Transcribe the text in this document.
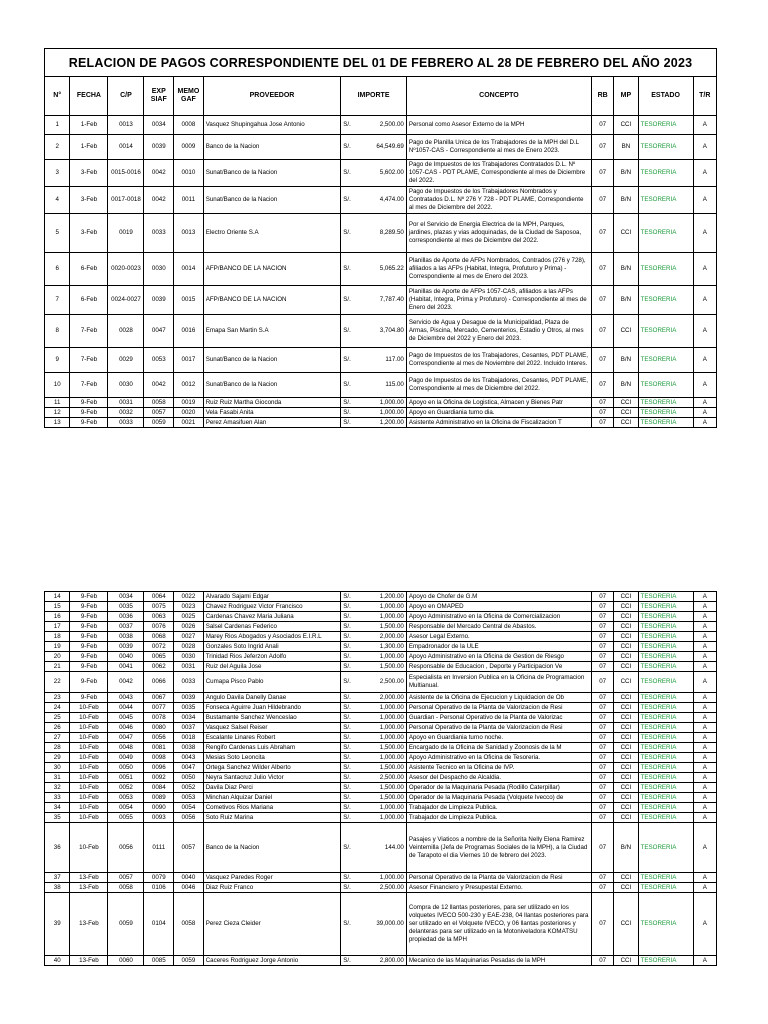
RELACION DE PAGOS CORRESPONDIENTE DEL 01 DE FEBRERO AL 28 DE FEBRERO DEL AÑO 2023												
N°	FECHA	C/P	EXP SIAF	MEMO GAF	PROVEEDOR	IMPORTE		CONCEPTO	RB	MP	ESTADO	T/R
1	1-Feb	0013	0034	0008	Vasquez Shupingahua Jose Antonio	S/.	2,500.00	Personal como Asesor Externo de la MPH	07	CCI	TESORERIA	A
2	1-Feb	0014	0039	0009	Banco de la Nacion	S/.	64,549.69	Pago de Planilla Unica de los Trabajadores de la MPH del D.L Nº1057-CAS - Correspondiente al mes de Enero 2023.	07	BN	TESORERIA	A
3	3-Feb	0015-0016	0042	0010	Sunat/Banco de la Nacion	S/.	5,602.00	Pago de Impuestos de los Trabajadores Contratados D.L. Nº 1057-CAS - PDT PLAME, Correspondiente al mes de Diciembre del 2022.	07	B/N	TESORERIA	A
4	3-Feb	0017-0018	0042	0011	Sunat/Banco de la Nacion	S/.	4,474.00	Pago de Impuestos de los Trabajadores Nombrados y Contratados D.L. Nº 276 Y 728 - PDT PLAME, Correspondiente al mes de Diciembre del 2022.	07	B/N	TESORERIA	A
5	3-Feb	0019	0033	0013	Electro Oriente S.A	S/.	8,289.50	Por el Servicio de Energia Electrica de la MPH, Parques, jardines, plazas y vias adoquinadas, de la Ciudad de Saposoa, correspondiente al mes de Diciembre del 2022.	07	CCI	TESORERIA	A
6	6-Feb	0020-0023	0030	0014	AFP/BANCO DE LA NACION	S/.	5,065.22	Planillas de Aporte de AFPs Nombrados, Contrados (276 y 728), afiliados a las AFPs (Habitat, Integra, Profuturo y Prima) - Correspondiente al mes de Enero del 2023.	07	B/N	TESORERIA	A
7	6-Feb	0024-0027	0039	0015	AFP/BANCO DE LA NACION	S/.	7,787.40	Planillas de Aporte de AFPs 1057-CAS, afiliados a las AFPs (Habitat, Integra, Prima y Profuturo) - Correspondiente al mes de Enero del 2023.	07	B/N	TESORERIA	A
8	7-Feb	0028	0047	0016	Emapa San Martin S.A	S/.	3,704.80	Servicio de Agua y Desague de la Municipalidad, Plaza de Armas, Piscina, Mercado, Cementerios, Estadio y Otros, al mes de Diciembre del 2022 y Enero del 2023.	07	CCI	TESORERIA	A
9	7-Feb	0029	0053	0017	Sunat/Banco de la Nacion	S/.	117.00	Pago de Impuestos de los Trabajadores, Cesantes, PDT PLAME, Correspondiente al mes de Noviembre del 2022. Incluido Interes.	07	B/N	TESORERIA	A
10	7-Feb	0030	0042	0012	Sunat/Banco de la Nacion	S/.	115.00	Pago de Impuestos de los Trabajadores, Cesantes, PDT PLAME, Correspondiente al mes de Diciembre del 2022.	07	B/N	TESORERIA	A
11	9-Feb	0031	0058	0019	Ruiz Ruiz Martha Gioconda	S/.	1,000.00	Apoyo en la Oficina de Logistica, Almacen y Bienes Patr	07	CCI	TESORERIA	A
12	9-Feb	0032	0057	0020	Vela Fasabi Anita	S/.	1,000.00	Apoyo en Guardiania turno dia.	07	CCI	TESORERIA	A
13	9-Feb	0033	0059	0021	Perez Amasifuen Alan	S/.	1,200.00	Asistente Administrativo en la Oficina de Fiscalizacion T	07	CCI	TESORERIA	A
14	9-Feb	0034	0064	0022	Alvarado Sajami Edgar	S/.	1,200.00	Apoyo de Chofer de G.M	07	CCI	TESORERIA	A
15	9-Feb	0035	0075	0023	Chavez Rodriguez Victor Francisco	S/.	1,000.00	Apoyo en OMAPED	07	CCI	TESORERIA	A
16	9-Feb	0036	0063	0025	Cardenas Chavez Maria Juliana	S/.	1,000.00	Apoyo Administrativo en la Oficina de Comercializacion	07	CCI	TESORERIA	A
17	9-Feb	0037	0076	0026	Salsel Cardenas Federico	S/.	1,500.00	Responsable del Mercado Central de Abastos.	07	CCI	TESORERIA	A
18	9-Feb	0038	0068	0027	Marey Rios Abogados y Asociados E.I.R.L	S/.	2,000.00	Asesor Legal Externo.	07	CCI	TESORERIA	A
19	9-Feb	0039	0072	0028	Gonzales Soto Ingrid Anali	S/.	1,300.00	Empadronador de la ULE	07	CCI	TESORERIA	A
20	9-Feb	0040	0065	0030	Trinidad Rios Jeferzon Adolfo	S/.	1,000.00	Apoyo Administrativo en la Oficina de Gestion de Riesgo	07	CCI	TESORERIA	A
21	9-Feb	0041	0062	0031	Ruiz del Aguila Jose	S/.	1,500.00	Responsable de Educacion , Deporte y Participacion Ve	07	CCI	TESORERIA	A
22	9-Feb	0042	0066	0033	Cumapa Pisco Pablo	S/.	2,500.00	Especialista en Inversion Publica en la Oficina de Programacion Multianual.	07	CCI	TESORERIA	A
23	9-Feb	0043	0067	0039	Angulo Davila Danelly Danae	S/.	2,000.00	Asistente de la Oficina de Ejecucion y Liquidacion de Ob	07	CCI	TESORERIA	A
24	10-Feb	0044	0077	0035	Fonseca Aguirre Juan Hildebrando	S/.	1,000.00	Personal Operativo de la Planta de Valorizacion de Resi	07	CCI	TESORERIA	A
25	10-Feb	0045	0078	0034	Bustamante Sanchez Wenceslao	S/.	1,000.00	Guardian - Personal Operativo de la Planta de Valorizac	07	CCI	TESORERIA	A
26	10-Feb	0046	0080	0037	Vasquez Salsel Reiser	S/.	1,000.00	Personal Operativo de la Planta de Valorizacion de Resi	07	CCI	TESORERIA	A
27	10-Feb	0047	0056	0018	Escalante Linares Robert	S/.	1,000.00	Apoyo en Guardiania turno noche.	07	CCI	TESORERIA	A
28	10-Feb	0048	0081	0038	Rengifo Cardenas Luis Abraham	S/.	1,500.00	Encargado de la Oficina de Sanidad y Zoonosis de la M	07	CCI	TESORERIA	A
29	10-Feb	0049	0098	0043	Mesias Soto Leoncita	S/.	1,000.00	Apoyo Administrativo en la Oficina de Tesoreria.	07	CCI	TESORERIA	A
30	10-Feb	0050	0096	0047	Ortega Sanchez Wilder Alberto	S/.	1,500.00	Asistente Tecnico en la Oficina de IVP.	07	CCI	TESORERIA	A
31	10-Feb	0051	0092	0050	Neyra Santacruz Julio Victor	S/.	2,500.00	Asesor del Despacho de Alcaldia.	07	CCI	TESORERIA	A
32	10-Feb	0052	0084	0052	Davila Diaz Perci	S/.	1,500.00	Operador de la Maquinaria Pesada (Rodillo Caterpillar)	07	CCI	TESORERIA	A
33	10-Feb	0053	0089	0053	Minchan Alquizar Daniel	S/.	1,500.00	Operador de la Maquinaria Pesada (Volquete Ivecco) de	07	CCI	TESORERIA	A
34	10-Feb	0054	0090	0054	Cometivos Rios Mariana	S/.	1,000.00	Trabajador de Limpieza Publica.	07	CCI	TESORERIA	A
35	10-Feb	0055	0093	0056	Soto Ruiz Marina	S/.	1,000.00	Trabajador de Limpieza Publica.	07	CCI	TESORERIA	A
36	10-Feb	0056	0111	0057	Banco de la Nacion	S/.	144.00	Pasajes y Viaticos a nombre de la Señorita Nelly Elena Ramirez Veintemilla (Jefa de Programas Sociales de la MPH), a la Ciudad de Tarapoto el dia Viernes 10 de febrero del 2023.	07	B/N	TESORERIA	A
37	13-Feb	0057	0079	0040	Vasquez Paredes Roger	S/.	1,000.00	Personal Operativo de la Planta de Valorizacion de Resi	07	CCI	TESORERIA	A
38	13-Feb	0058	0106	0046	Diaz Ruiz Franco	S/.	2,500.00	Asesor Financiero y Presupestal Externo.	07	CCI	TESORERIA	A
39	13-Feb	0059	0104	0058	Perez Cieza Cleider	S/.	39,000.00	Compra de 12 llantas posteriores, para ser utilizado en los volquetes IVECO 500-230 y EAE-238, 04 llantas posteriores para ser utilizado en el Volquete IVECO, y 06 llantas posteriores y delanteras para ser utilizado en la Motoniveladora KOMATSU propiedad de la MPH	07	CCI	TESORERIA	A
40	13-Feb	0060	0085	0059	Caceres Rodriguez Jorge Antonio	S/.	2,800.00	Mecanico de las Maquinarias Pesadas de la MPH	07	CCI	TESORERIA	A
